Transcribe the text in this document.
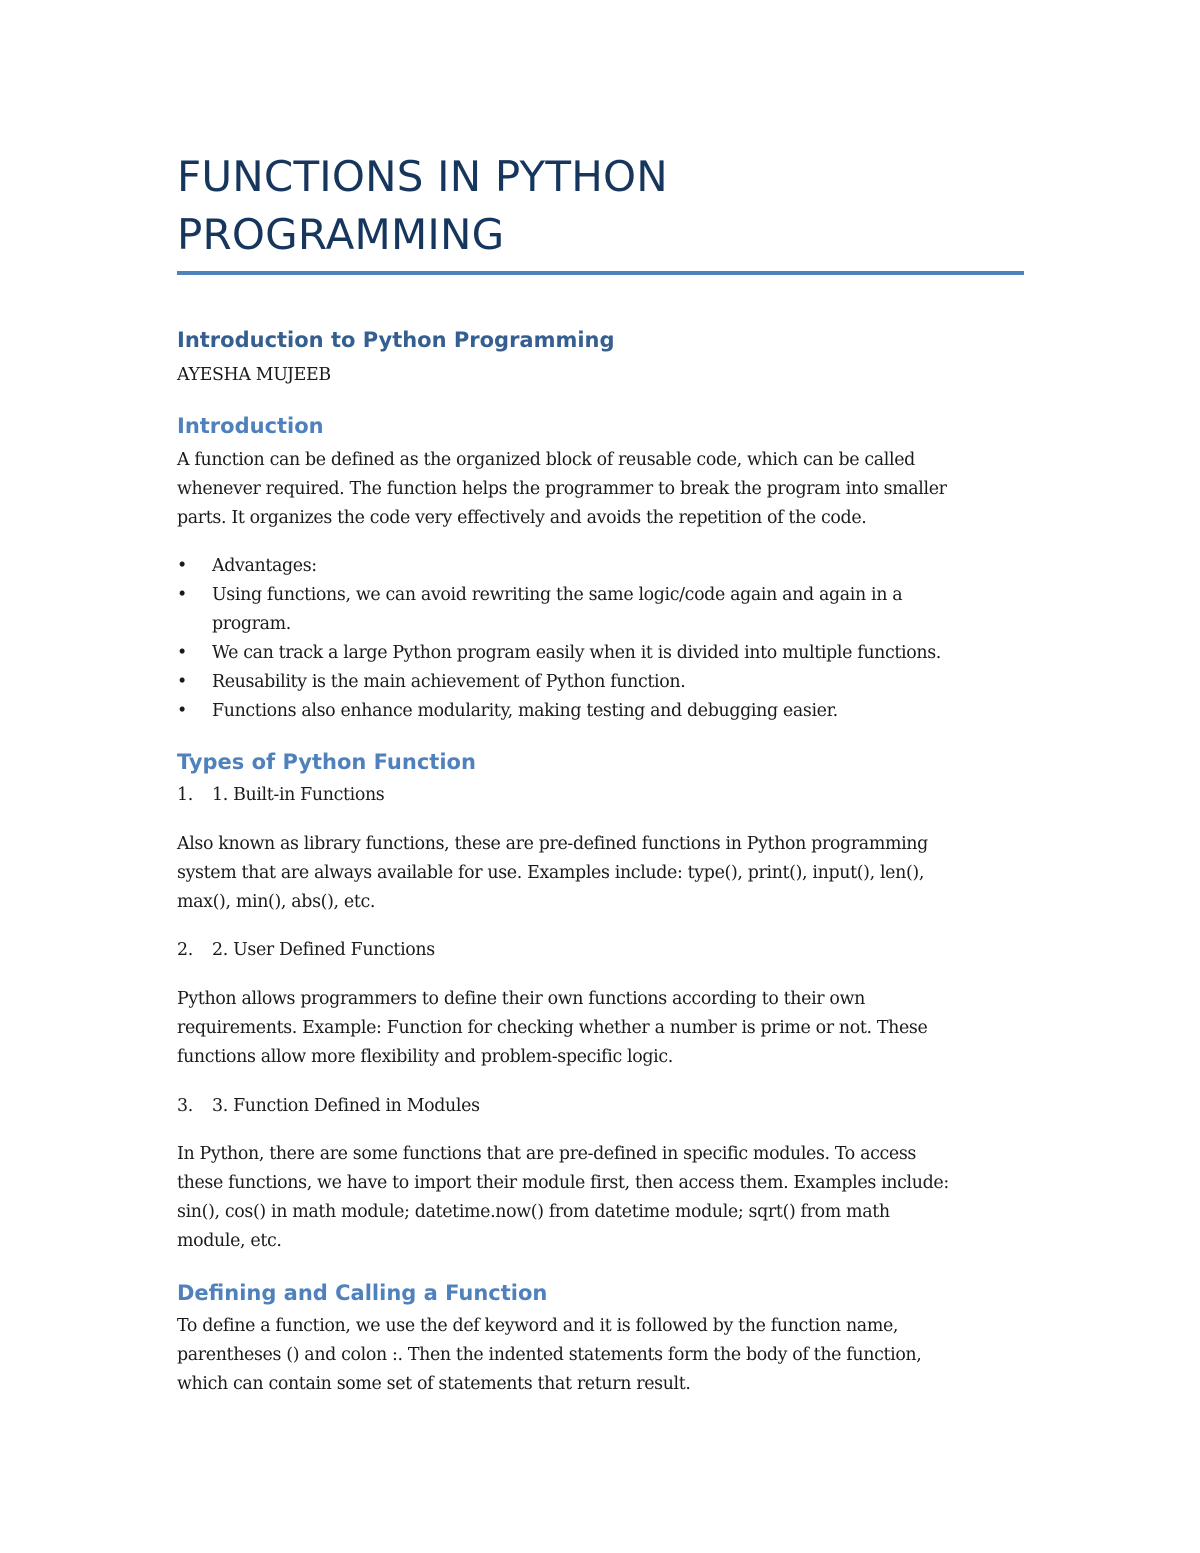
FUNCTIONS IN PYTHON
PROGRAMMING
Introduction to Python Programming

AYESHA MUJEEB

Introduction

A function can be defined as the organized block of reusable code, which can be called
whenever required. The function helps the programmer to break the program into smaller
parts. It organizes the code very effectively and avoids the repetition of the code.

• Advantages:
• Using functions, we can avoid rewriting the same logic/code again and again in a
program.
• We can track a large Python program easily when it is divided into multiple functions.
• Reusability is the main achievement of Python function.
• Functions also enhance modularity, making testing and debugging easier.
Types of Python Function

1. 1. Built-in Functions

Also known as library functions, these are pre-defined functions in Python programming
system that are always available for use. Examples include: type(), print(), input(), len(),
max(), min(), abs(), etc.

2. 2. User Defined Functions

Python allows programmers to define their own functions according to their own
requirements. Example: Function for checking whether a number is prime or not. These
functions allow more flexibility and problem-specific logic.

3. 3. Function Defined in Modules

In Python, there are some functions that are pre-defined in specific modules. To access
these functions, we have to import their module first, then access them. Examples include:
sin(), cos() in math module; datetime.now() from datetime module; sqrt() from math
module, etc.

Defining and Calling a Function

To define a function, we use the def keyword and it is followed by the function name,
parentheses () and colon :. Then the indented statements form the body of the function,
which can contain some set of statements that return result.
